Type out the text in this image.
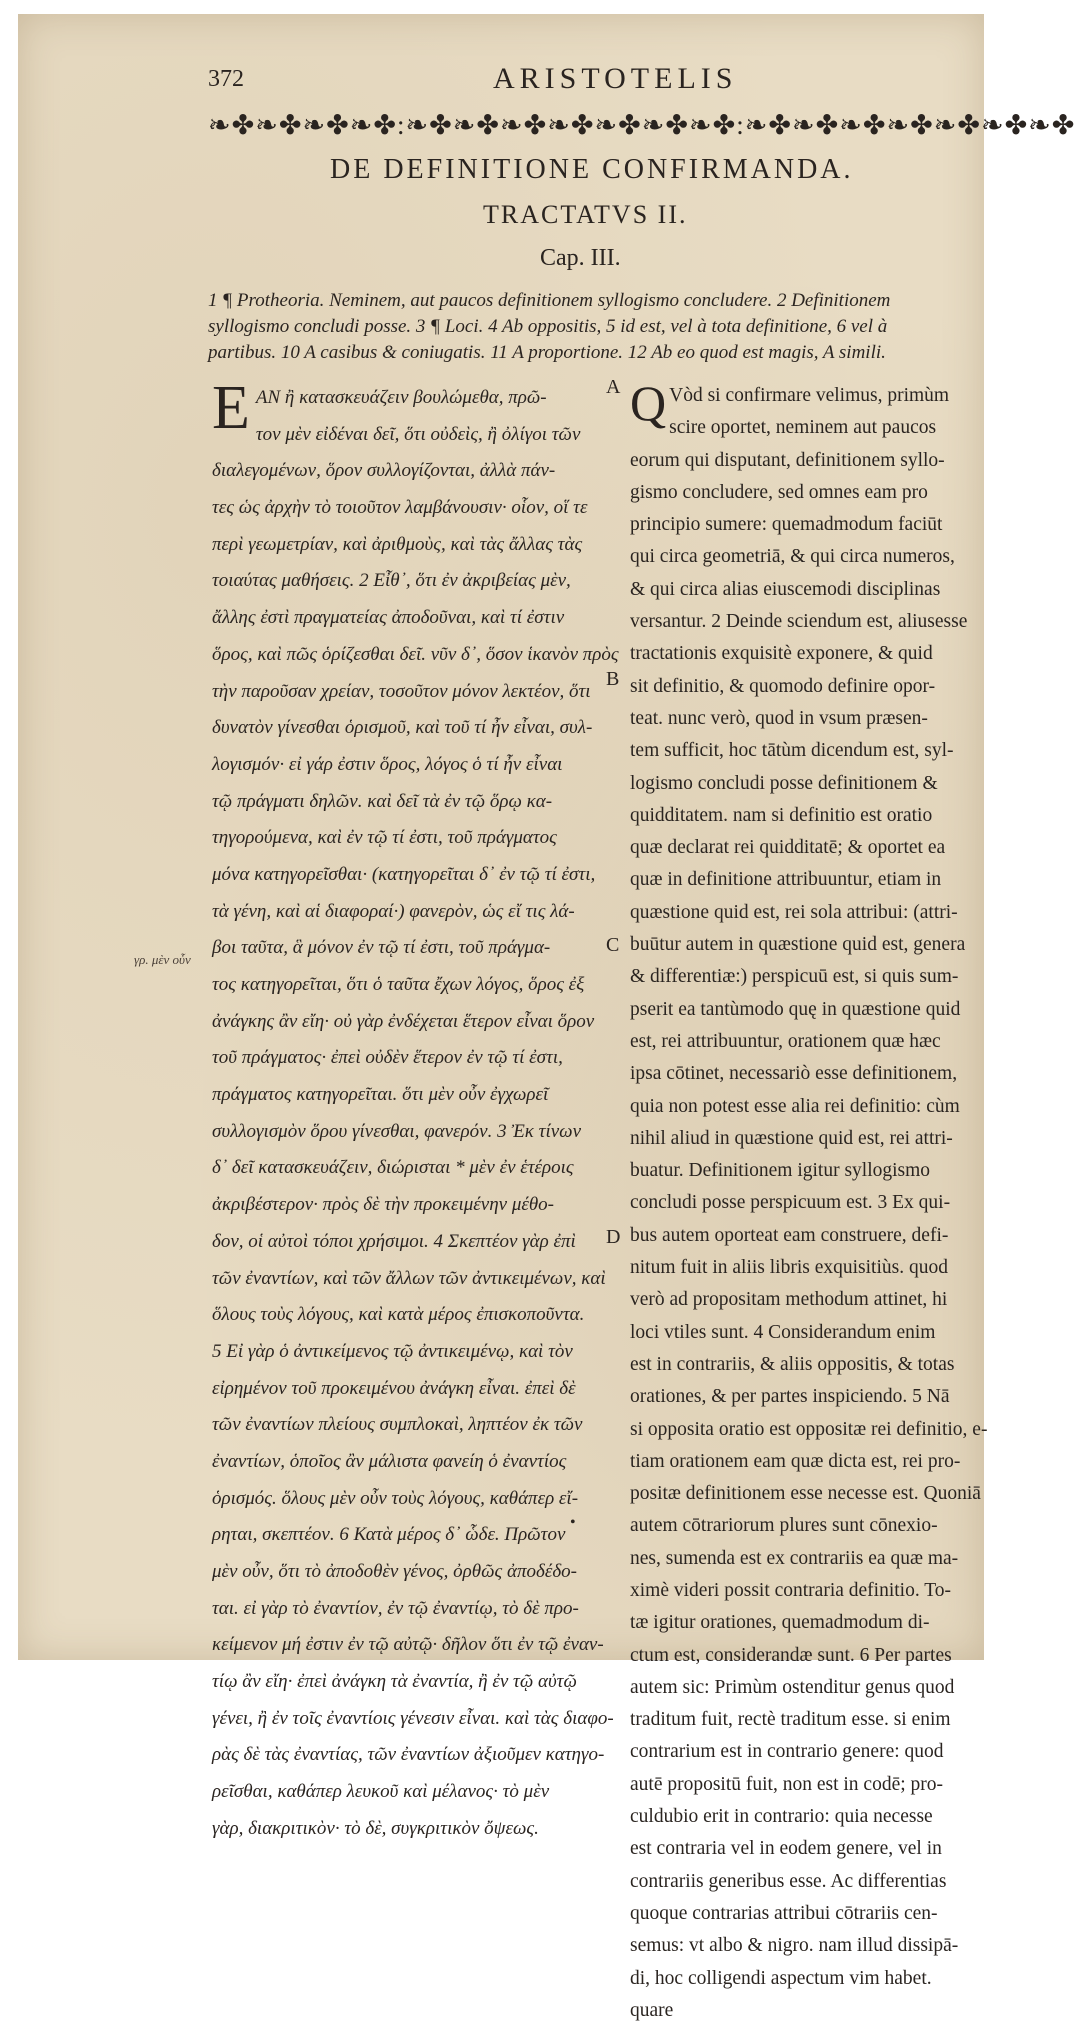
372	ARISTOTELIS
❧✤❧✤❧✤❧✤:❧✤❧✤❧✤❧✤❧✤❧✤❧✤:❧✤❧✤❧✤❧✤❧✤❧✤❧✤
DE DEFINITIONE CONFIRMANDA.
TRACTATVS II.
Cap. III.

1 ¶ Protheoria. Neminem, aut paucos definitionem syllogismo concludere. 2 Definitionem

syllogismo concludi posse. 3 ¶ Loci. 4 Ab oppositis, 5 id est, vel à tota definitione, 6 vel à

partibus. 10 A casibus & coniugatis. 11 A proportione. 12 Ab eo quod est magis, A simili.

A
γρ. μὲν οὖν
E ΑΝ ἢ κατασκευάζειν βουλώμεθα, πρῶ-
τον μὲν εἰδέναι δεῖ, ὅτι οὐδεὶς, ἢ ὀλίγοι τῶν
διαλεγομένων, ὅρον συλλογίζονται, ἀλλὰ πάν-
τες ὡς ἀρχὴν τὸ τοιοῦτον λαμβάνουσιν· οἷον, οἵ τε
περὶ γεωμετρίαν, καὶ ἀριθμοὺς, καὶ τὰς ἄλλας τὰς
τοιαύτας μαθήσεις. 2 Εἶθ᾽, ὅτι ἐν ἀκριβείας μὲν,
ἄλλης ἐστὶ πραγματείας ἀποδοῦναι, καὶ τί ἐστιν
ὅρος, καὶ πῶς ὁρίζεσθαι δεῖ. νῦν δ᾽, ὅσον ἱκανὸν πρὸς
τὴν παροῦσαν χρείαν, τοσοῦτον μόνον λεκτέον, ὅτι
δυνατὸν γίνεσθαι ὁρισμοῦ, καὶ τοῦ τί ἦν εἶναι, συλ-
λογισμόν· εἰ γάρ ἐστιν ὅρος, λόγος ὁ τί ἦν εἶναι
τῷ πράγματι δηλῶν. καὶ δεῖ τὰ ἐν τῷ ὅρῳ κα-
τηγορούμενα, καὶ ἐν τῷ τί ἐστι, τοῦ πράγματος
μόνα κατηγορεῖσθαι· (κατηγορεῖται δ᾽ ἐν τῷ τί ἐστι,
τὰ γένη, καὶ αἱ διαφοραί·) φανερὸν, ὡς εἴ τις λά-
βοι ταῦτα, ἃ μόνον ἐν τῷ τί ἐστι, τοῦ πράγμα-
τος κατηγορεῖται, ὅτι ὁ ταῦτα ἔχων λόγος, ὅρος ἐξ
ἀνάγκης ἂν εἴη· οὐ γὰρ ἐνδέχεται ἕτερον εἶναι ὅρον
τοῦ πράγματος· ἐπεὶ οὐδὲν ἕτερον ἐν τῷ τί ἐστι,
πράγματος κατηγορεῖται. ὅτι μὲν οὖν ἐγχωρεῖ
συλλογισμὸν ὅρου γίνεσθαι, φανερόν. 3 Ἐκ τίνων
δ᾽ δεῖ κατασκευάζειν, διώρισται * μὲν ἐν ἑτέροις
ἀκριβέστερον· πρὸς δὲ τὴν προκειμένην μέθο-
δον, οἱ αὐτοὶ τόποι χρήσιμοι. 4 Σκεπτέον γὰρ ἐπὶ
τῶν ἐναντίων, καὶ τῶν ἄλλων τῶν ἀντικειμένων, καὶ
ὅλους τοὺς λόγους, καὶ κατὰ μέρος ἐπισκοποῦντα.
5 Εἰ γὰρ ὁ ἀντικείμενος τῷ ἀντικειμένῳ, καὶ τὸν
εἰρημένον τοῦ προκειμένου ἀνάγκη εἶναι. ἐπεὶ δὲ
τῶν ἐναντίων πλείους συμπλοκαὶ, ληπτέον ἐκ τῶν
ἐναντίων, ὁποῖος ἂν μάλιστα φανείη ὁ ἐναντίος
ὁρισμός. ὅλους μὲν οὖν τοὺς λόγους, καθάπερ εἴ-
ρηται, σκεπτέον. 6 Κατὰ μέρος δ᾽ ὧδε. Πρῶτον
μὲν οὖν, ὅτι τὸ ἀποδοθὲν γένος, ὀρθῶς ἀποδέδο-
ται. εἰ γὰρ τὸ ἐναντίον, ἐν τῷ ἐναντίῳ, τὸ δὲ προ-
κείμενον μή ἐστιν ἐν τῷ αὐτῷ· δῆλον ὅτι ἐν τῷ ἐναν-
τίῳ ἂν εἴη· ἐπεὶ ἀνάγκη τὰ ἐναντία, ἢ ἐν τῷ αὐτῷ
γένει, ἢ ἐν τοῖς ἐναντίοις γένεσιν εἶναι. καὶ τὰς διαφο-
ρὰς δὲ τὰς ἐναντίας, τῶν ἐναντίων ἀξιοῦμεν κατηγο-
ρεῖσθαι, καθάπερ λευκοῦ καὶ μέλανος· τὸ μὲν
γὰρ, διακριτικὸν· τὸ δὲ, συγκριτικὸν ὄψεως.
Q Vòd si confirmare velimus, primùm
scire oportet, neminem aut paucos
eorum qui disputant, definitionem syllo-
gismo concludere, sed omnes eam pro
principio sumere: quemadmodum faciūt
qui circa geometriā, & qui circa numeros,
& qui circa alias eiuscemodi disciplinas
versantur. 2 Deinde sciendum est, aliusesse
tractationis exquisitè exponere, & quid
sit definitio, & quomodo definire opor-
teat. nunc verò, quod in vsum præsen-
tem sufficit, hoc tātùm dicendum est, syl-
logismo concludi posse definitionem &
quidditatem. nam si definitio est oratio
quæ declarat rei quidditatē; & oportet ea
quæ in definitione attribuuntur, etiam in
quæstione quid est, rei sola attribui: (attri-
buūtur autem in quæstione quid est, genera
& differentiæ:) perspicuū est, si quis sum-
pserit ea tantùmodo quę in quæstione quid
est, rei attribuuntur, orationem quæ hæc
ipsa cōtinet, necessariò esse definitionem,
quia non potest esse alia rei definitio: cùm
nihil aliud in quæstione quid est, rei attri-
buatur. Definitionem igitur syllogismo
concludi posse perspicuum est. 3 Ex qui-
bus autem oporteat eam construere, defi-
nitum fuit in aliis libris exquisitiùs. quod
verò ad propositam methodum attinet, hi
loci vtiles sunt. 4 Considerandum enim
est in contrariis, & aliis oppositis, & totas
orationes, & per partes inspiciendo. 5 Nā
si opposita oratio est oppositæ rei definitio, e-
tiam orationem eam quæ dicta est, rei pro-
positæ definitionem esse necesse est. Quoniā
autem cōtrariorum plures sunt cōnexio-
nes, sumenda est ex contrariis ea quæ ma-
ximè videri possit contraria definitio. To-
tæ igitur orationes, quemadmodum di-
ctum est, considerandæ sunt. 6 Per partes
autem sic: Primùm ostenditur genus quod
traditum fuit, rectè traditum esse. si enim
contrarium est in contrario genere: quod
autē propositū fuit, non est in codē; pro-
culdubio erit in contrario: quia necesse
est contraria vel in eodem genere, vel in
contrariis generibus esse. Ac differentias
quoque contrarias attribui cōtrariis cen-
semus: vt albo & nigro. nam illud dissipā-
di, hoc colligendi aspectum vim habet.
quare
B
C
D
•
